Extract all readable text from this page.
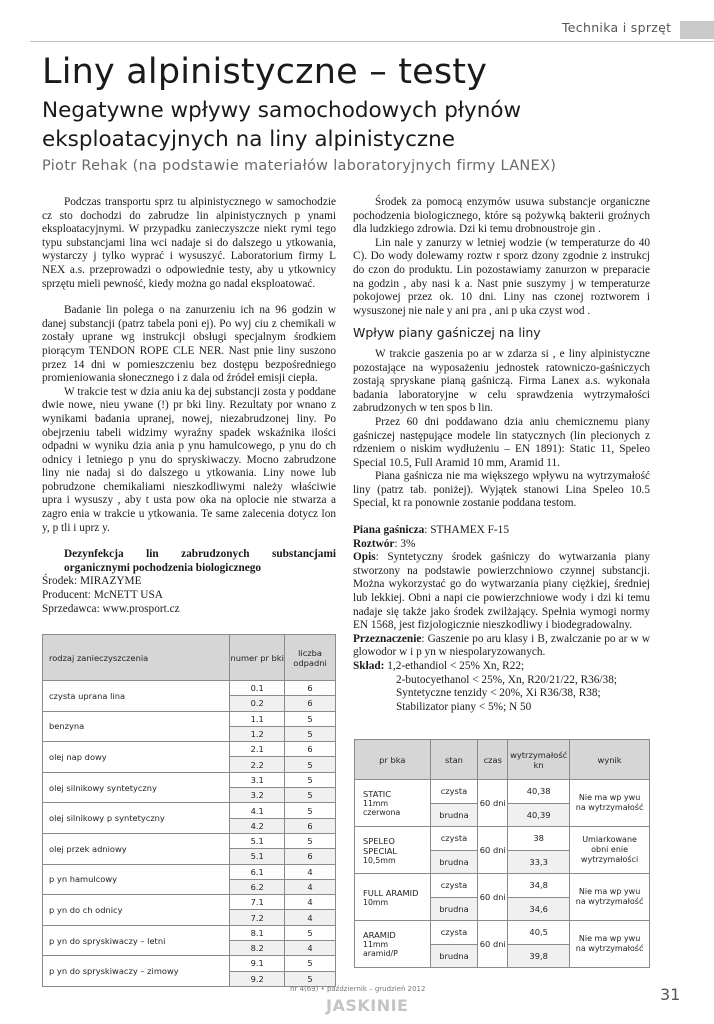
Technika i sprzęt
Liny alpinistyczne – testy
Negatywne wpływy samochodowych płynów eksploatacyjnych na liny alpinistyczne
Piotr Rehak (na podstawie materiałów laboratoryjnych firmy LANEX)

Podczas transportu sprz tu alpinistycznego w samochodzie cz sto dochodzi do zabrudze lin alpinistycznych p ynami eksploatacyjnymi. W przypadku zanieczyszcze niekt rymi tego typu substancjami lina wci nadaje si do dalszego u ytkowania, wystarczy j tylko wyprać i wysuszyć. Laboratorium firmy L NEX a.s. przeprowadzi o odpowiednie testy, aby u ytkownicy sprzętu mieli pewność, kiedy można go nadal eksploatować.

Badanie lin polega o na zanurzeniu ich na 96 godzin w danej substancji (patrz tabela poni ej). Po wyj ciu z chemikali w zostały uprane wg instrukcji obsługi specjalnym środkiem piorącym TENDON ROPE CLE NER. Nast pnie liny suszono przez 14 dni w pomieszczeniu bez dostępu bezpośredniego promieniowania słonecznego i z dala od źródeł emisji ciepła.

W trakcie test w dzia aniu ka dej substancji zosta y poddane dwie nowe, nieu ywane (!) pr bki liny. Rezultaty por wnano z wynikami badania upranej, nowej, niezabrudzonej liny. Po obejrzeniu tabeli widzimy wyraźny spadek wskaźnika ilości odpadni w wyniku dzia ania p ynu hamulcowego, p ynu do ch odnicy i letniego p ynu do spryskiwaczy. Mocno zabrudzone liny nie nadaj si do dalszego u ytkowania. Liny nowe lub pobrudzone chemikaliami nieszkodliwymi należy właściwie upra i wysuszy , aby t usta pow oka na oplocie nie stwarza a zagro enia w trakcie u ytkowania. Te same zalecenia dotycz lon y, p tli i uprz y.

Dezynfekcja lin zabrudzonych substancjami organicznymi pochodzenia biologicznego

Środek: MIRAZYME

Producent: McNETT USA

Sprzedawca: www.prosport.cz

Środek za pomocą enzymów usuwa substancje organiczne pochodzenia biologicznego, które są pożywką bakterii groźnych dla ludzkiego zdrowia. Dzi ki temu drobnoustroje gin .

Lin nale y zanurzy w letniej wodzie (w temperaturze do 40 C). Do wody dolewamy roztw r sporz dzony zgodnie z instrukcj do czon do produktu. Lin pozostawiamy zanurzon w preparacie na godzin , aby nasi k a. Nast pnie suszymy j w temperaturze pokojowej przez ok. 10 dni. Liny nas czonej roztworem i wysuszonej nie nale y ani pra , ani p uka czyst wod .

Wpływ piany gaśniczej na liny

W trakcie gaszenia po ar w zdarza si , e liny alpinistyczne pozostające na wyposażeniu jednostek ratowniczo-gaśniczych zostają spryskane pianą gaśniczą. Firma Lanex a.s. wykonała badania laboratoryjne w celu sprawdzenia wytrzymałości zabrudzonych w ten spos b lin.

Przez 60 dni poddawano dzia aniu chemicznemu piany gaśniczej następujące modele lin statycznych (lin plecionych z rdzeniem o niskim wydłużeniu – EN 1891): Static 11, Speleo Special 10.5, Full Aramid 10 mm, Aramid 11.

Piana gaśnicza nie ma większego wpływu na wytrzymałość liny (patrz tab. poniżej). Wyjątek stanowi Lina Speleo 10.5 Special, kt ra ponownie zostanie poddana testom.

Piana gaśnicza: STHAMEX F-15

Roztwór: 3%

Opis: Syntetyczny środek gaśniczy do wytwarzania piany stworzony na podstawie powierzchniowo czynnej substancji. Można wykorzystać go do wytwarzania piany ciężkiej, średniej lub lekkiej. Obni a napi cie powierzchniowe wody i dzi ki temu nadaje się także jako środek zwilżający. Spełnia wymogi normy EN 1568, jest fizjologicznie nieszkodliwy i biodegradowalny.

Przeznaczenie: Gaszenie po aru klasy i B, zwalczanie po ar w w glowodor w i p yn w niespolaryzowanych.

Skład: 1,2-ethandiol < 25% Xn, R22;

2-butocyethanol < 25%, Xn, R20/21/22, R36/38;

Syntetyczne tenzidy < 20%, Xi R36/38, R38;

Stabilizator piany < 5%; N 50

rodzaj zanieczyszczenia	numer pr bki	liczba odpadni
czysta uprana lina	0.1	6
	0.2	6
benzyna	1.1	5
	1.2	5
olej nap dowy	2.1	6
	2.2	5
olej silnikowy syntetyczny	3.1	5
	3.2	5
olej silnikowy p syntetyczny	4.1	5
	4.2	6
olej przek adniowy	5.1	5
	5.1	6
p yn hamulcowy	6.1	4
	6.2	4
p yn do ch odnicy	7.1	4
	7.2	4
p yn do spryskiwaczy – letni	8.1	5
	8.2	4
p yn do spryskiwaczy – zimowy	9.1	5
	9.2	5
pr bka	stan	czas	wytrzymałość kn	wynik

STATIC
11mm
czerwona	czysta	60 dni	40,38	Nie ma wp ywu na wytrzymałość
	brudna		40,39	

SPELEO SPECIAL
10,5mm	czysta	60 dni	38	Umiarkowane obni enie wytrzymałości
	brudna		33,3	

FULL ARAMID
10mm	czysta	60 dni	34,8	Nie ma wp ywu na wytrzymałość
	brudna		34,6	

ARAMID
11mm
aramid/P	czysta	60 dni	40,5	Nie ma wp ywu na wytrzymałość
	brudna		39,8	
nr 4(69) • październik – grudzień 2012
JASKINIE
31
